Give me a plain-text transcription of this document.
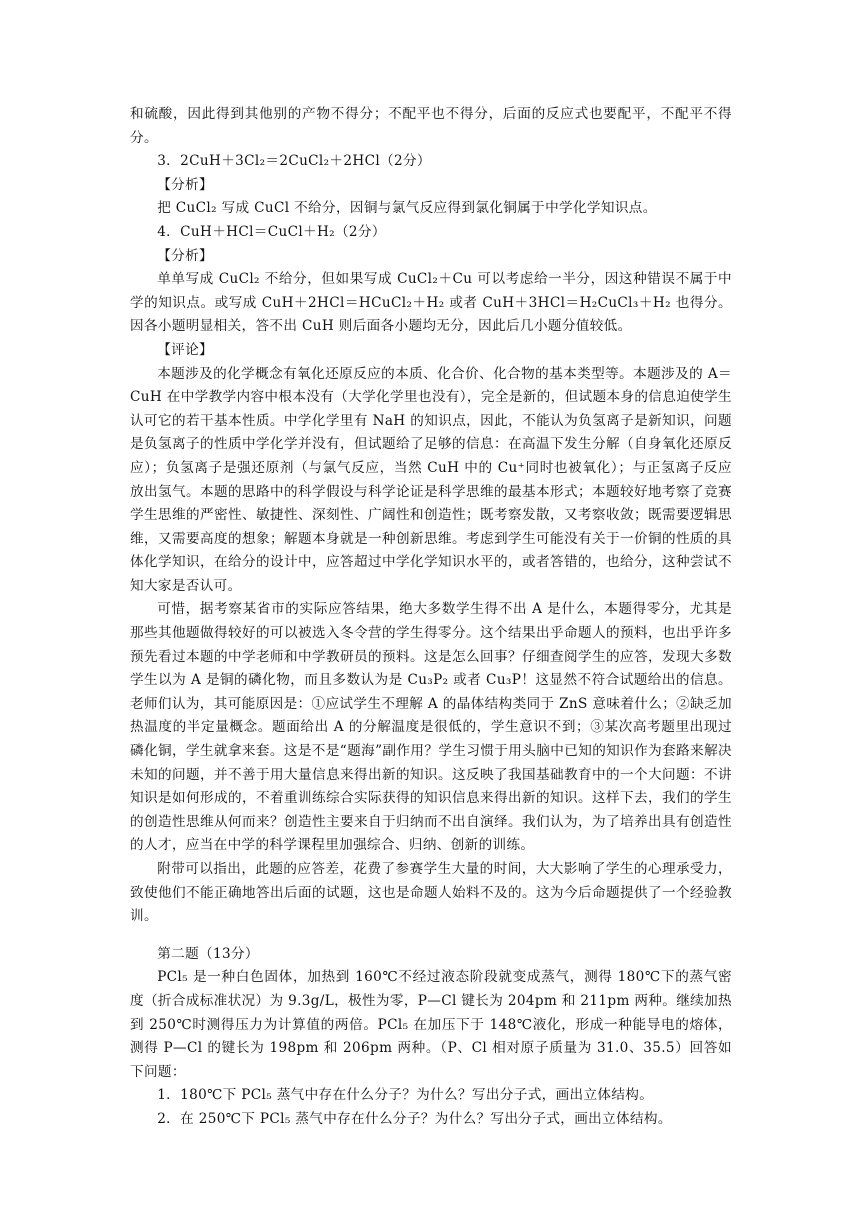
和硫酸，因此得到其他别的产物不得分；不配平也不得分，后面的反应式也要配平，不配平不得分。

3．2CuH＋3Cl₂＝2CuCl₂＋2HCl（2分）

【分析】

把 CuCl₂ 写成 CuCl 不给分，因铜与氯气反应得到氯化铜属于中学化学知识点。

4．CuH＋HCl＝CuCl＋H₂（2分）

【分析】

单单写成 CuCl₂ 不给分，但如果写成 CuCl₂＋Cu 可以考虑给一半分，因这种错误不属于中学的知识点。或写成 CuH＋2HCl＝HCuCl₂＋H₂ 或者 CuH＋3HCl＝H₂CuCl₃＋H₂ 也得分。因各小题明显相关，答不出 CuH 则后面各小题均无分，因此后几小题分值较低。

【评论】

本题涉及的化学概念有氧化还原反应的本质、化合价、化合物的基本类型等。本题涉及的 A＝CuH 在中学教学内容中根本没有（大学化学里也没有），完全是新的，但试题本身的信息迫使学生认可它的若干基本性质。中学化学里有 NaH 的知识点，因此，不能认为负氢离子是新知识，问题是负氢离子的性质中学化学并没有，但试题给了足够的信息：在高温下发生分解（自身氧化还原反应）；负氢离子是强还原剂（与氯气反应，当然 CuH 中的 Cu⁺同时也被氧化）；与正氢离子反应放出氢气。本题的思路中的科学假设与科学论证是科学思维的最基本形式；本题较好地考察了竞赛学生思维的严密性、敏捷性、深刻性、广阔性和创造性；既考察发散，又考察收敛；既需要逻辑思维，又需要高度的想象；解题本身就是一种创新思维。考虑到学生可能没有关于一价铜的性质的具体化学知识，在给分的设计中，应答超过中学化学知识水平的，或者答错的，也给分，这种尝试不知大家是否认可。

可惜，据考察某省市的实际应答结果，绝大多数学生得不出 A 是什么，本题得零分，尤其是那些其他题做得较好的可以被选入冬令营的学生得零分。这个结果出乎命题人的预料，也出乎许多预先看过本题的中学老师和中学教研员的预料。这是怎么回事？仔细查阅学生的应答，发现大多数学生以为 A 是铜的磷化物，而且多数认为是 Cu₃P₂ 或者 Cu₃P！这显然不符合试题给出的信息。老师们认为，其可能原因是：①应试学生不理解 A 的晶体结构类同于 ZnS 意味着什么；②缺乏加热温度的半定量概念。题面给出 A 的分解温度是很低的，学生意识不到；③某次高考题里出现过磷化铜，学生就拿来套。这是不是“题海”副作用？学生习惯于用头脑中已知的知识作为套路来解决未知的问题，并不善于用大量信息来得出新的知识。这反映了我国基础教育中的一个大问题：不讲知识是如何形成的，不着重训练综合实际获得的知识信息来得出新的知识。这样下去，我们的学生的创造性思维从何而来？创造性主要来自于归纳而不出自演绎。我们认为，为了培养出具有创造性的人才，应当在中学的科学课程里加强综合、归纳、创新的训练。

附带可以指出，此题的应答差，花费了参赛学生大量的时间，大大影响了学生的心理承受力，致使他们不能正确地答出后面的试题，这也是命题人始料不及的。这为今后命题提供了一个经验教训。

第二题（13分）

PCl₅ 是一种白色固体，加热到 160℃不经过液态阶段就变成蒸气，测得 180℃下的蒸气密度（折合成标准状况）为 9.3g/L，极性为零，P—Cl 键长为 204pm 和 211pm 两种。继续加热到 250℃时测得压力为计算值的两倍。PCl₅ 在加压下于 148℃液化，形成一种能导电的熔体，测得 P—Cl 的键长为 198pm 和 206pm 两种。（P、Cl 相对原子质量为 31.0、35.5）回答如下问题：

1．180℃下 PCl₅ 蒸气中存在什么分子？为什么？写出分子式，画出立体结构。

2．在 250℃下 PCl₅ 蒸气中存在什么分子？为什么？写出分子式，画出立体结构。
